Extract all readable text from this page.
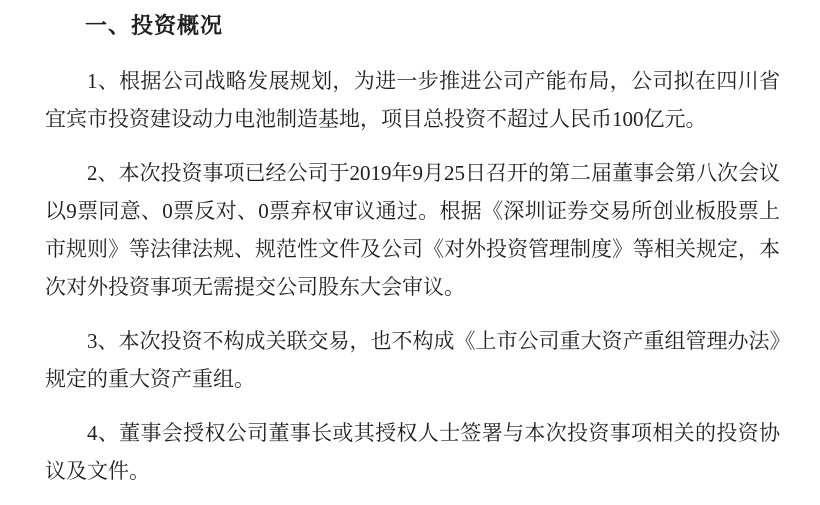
一、投资概况

1、根据公司战略发展规划，为进一步推进公司产能布局，公司拟在四川省宜宾市投资建设动力电池制造基地，项目总投资不超过人民币100亿元。

2、本次投资事项已经公司于2019年9月25日召开的第二届董事会第八次会议以9票同意、0票反对、0票弃权审议通过。根据《深圳证券交易所创业板股票上市规则》等法律法规、规范性文件及公司《对外投资管理制度》等相关规定，本次对外投资事项无需提交公司股东大会审议。

3、本次投资不构成关联交易，也不构成《上市公司重大资产重组管理办法》规定的重大资产重组。

4、董事会授权公司董事长或其授权人士签署与本次投资事项相关的投资协议及文件。
